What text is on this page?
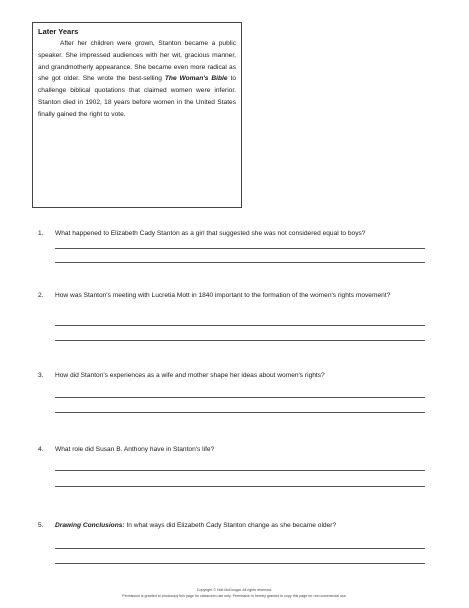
Later Years
After her children were grown, Stanton became a public speaker. She impressed audiences with her wit, gracious manner, and grandmotherly appearance. She became even more radical as she got older. She wrote the best-selling The Woman's Bible to challenge biblical quotations that claimed women were inferior. Stanton died in 1902, 18 years before women in the United States finally gained the right to vote.
1.	What happened to Elizabeth Cady Stanton as a girl that suggested she was not considered equal to boys?
2.	How was Stanton's meeting with Lucretia Mott in 1840 important to the formation of the women's rights movement?
3.	How did Stanton's experiences as a wife and mother shape her ideas about women's rights?
4.	What role did Susan B. Anthony have in Stanton's life?
5.	Drawing Conclusions: In what ways did Elizabeth Cady Stanton change as she became older?
Copyright © Holt McDougal. All rights reserved.
Permission is granted to photocopy this page for classroom use only. Permission is hereby granted to copy this page for non-commercial use.
